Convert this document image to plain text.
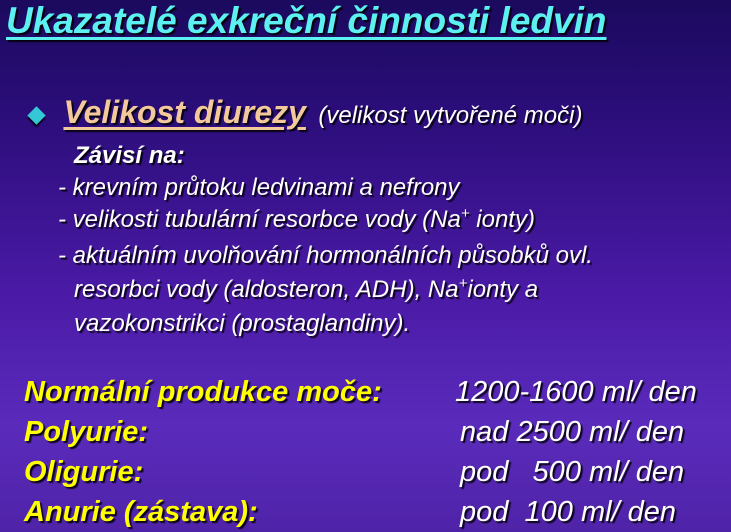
Ukazatelé exkreční činnosti ledvin
Velikost diurezy (velikost vytvořené moči)
Závisí na:
- krevním průtoku ledvinami a nefrony
- velikosti tubulární resorbce vody (Na+ ionty)
- aktuálním uvolňování hormonálních působků ovl.
resorbci vody (aldosteron, ADH), Na+ionty a
vazokonstrikci (prostaglandiny).
Normální produkce moče:	1200-1600 ml/ den
Polyurie:	nad 2500 ml/ den
Oliguriе:	pod   500 ml/ den
Anurie (zástava):	pod  100 ml/ den
